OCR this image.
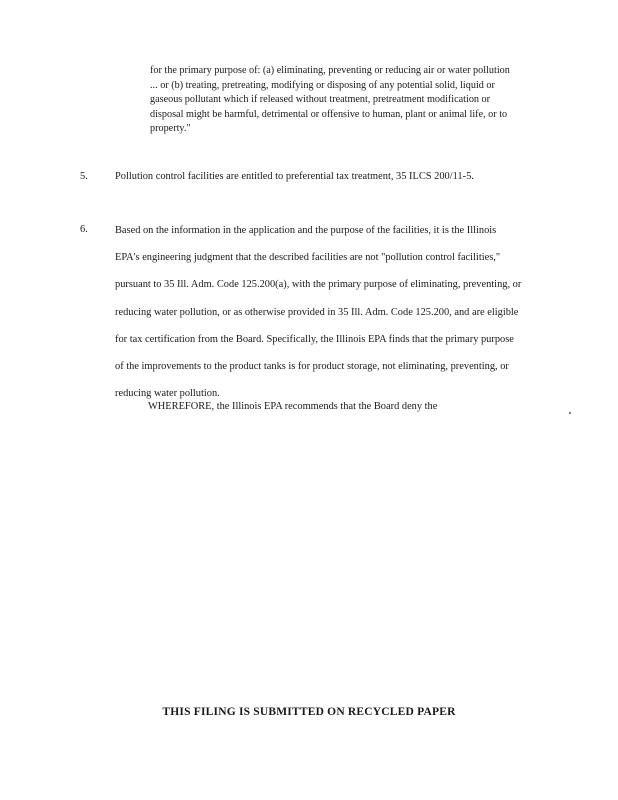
for the primary purpose of: (a) eliminating, preventing or reducing air or water pollution
... or (b) treating, pretreating, modifying or disposing of any potential solid, liquid or
gaseous pollutant which if released without treatment, pretreatment modification or
disposal might be harmful, detrimental or offensive to human, plant or animal life, or to
property."
5.	Pollution control facilities are entitled to preferential tax treatment, 35 ILCS 200/11-5.
6.	Based on the information in the application and the purpose of the facilities, it is the Illinois
EPA's engineering judgment that the described facilities are not "pollution control facilities,"
pursuant to 35 Ill. Adm. Code 125.200(a), with the primary purpose of eliminating, preventing, or
reducing water pollution, or as otherwise provided in 35 Ill. Adm. Code 125.200, and are eligible
for tax certification from the Board. Specifically, the Illinois EPA finds that the primary purpose
of the improvements to the product tanks is for product storage, not eliminating, preventing, or
reducing water pollution.
WHEREFORE, the Illinois EPA recommends that the Board deny the
THIS FILING IS SUBMITTED ON RECYCLED PAPER
